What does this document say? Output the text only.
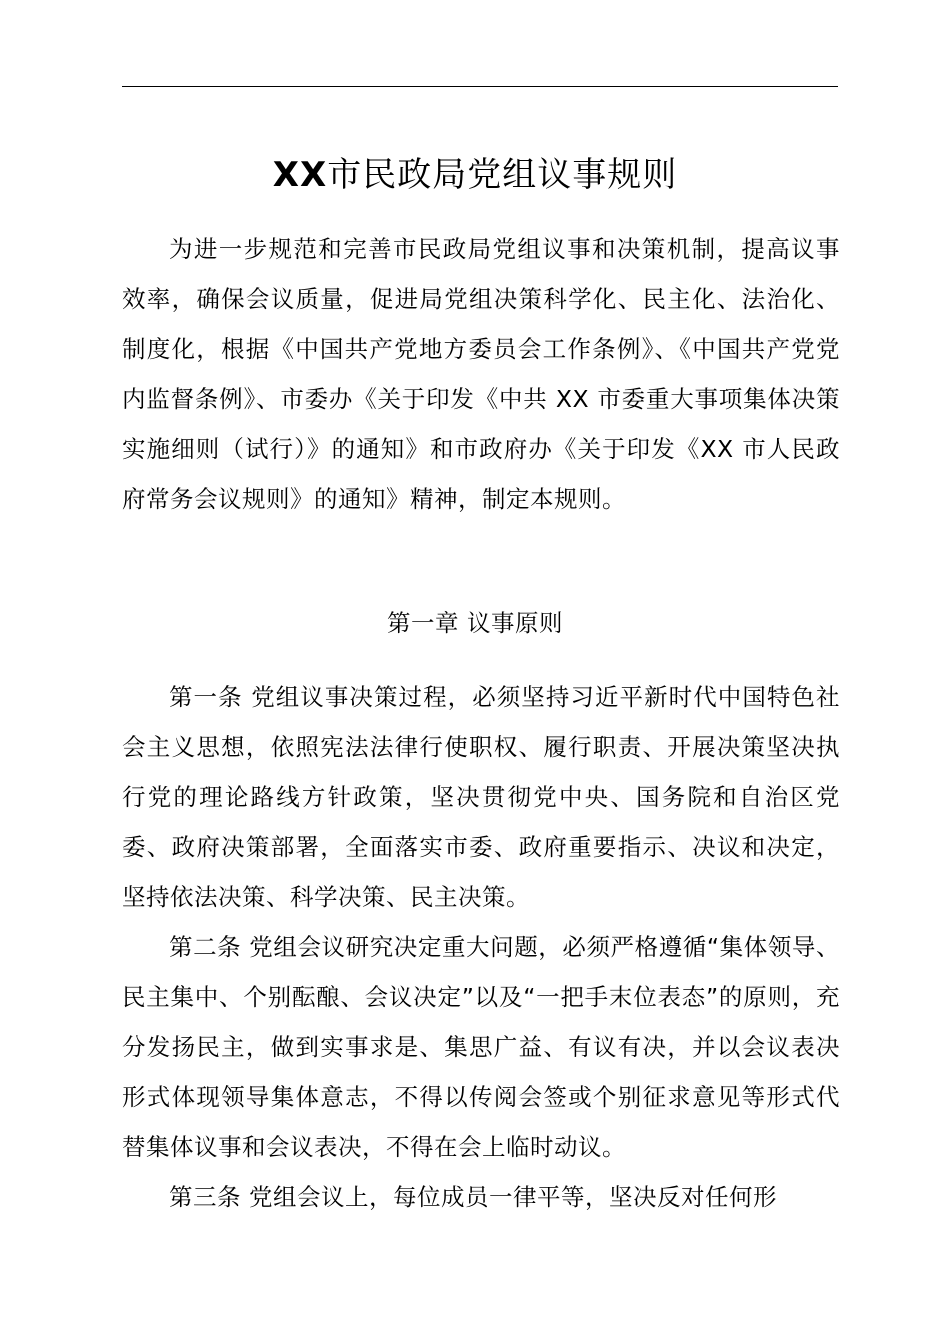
XX市民政局党组议事规则

为进一步规范和完善市民政局党组议事和决策机制，提高议事效率，确保会议质量，促进局党组决策科学化、民主化、法治化、制度化，根据《中国共产党地方委员会工作条例》、《中国共产党党内监督条例》、市委办《关于印发《中共 XX 市委重大事项集体决策实施细则（试行）》的通知》和市政府办《关于印发《XX 市人民政府常务会议规则》的通知》精神，制定本规则。

第一章 议事原则

第一条 党组议事决策过程，必须坚持习近平新时代中国特色社会主义思想，依照宪法法律行使职权、履行职责、开展决策坚决执行党的理论路线方针政策，坚决贯彻党中央、国务院和自治区党委、政府决策部署，全面落实市委、政府重要指示、决议和决定，坚持依法决策、科学决策、民主决策。

第二条 党组会议研究决定重大问题，必须严格遵循“集体领导、民主集中、个别酝酿、会议决定”以及“一把手末位表态”的原则，充分发扬民主，做到实事求是、集思广益、有议有决，并以会议表决形式体现领导集体意志，不得以传阅会签或个别征求意见等形式代替集体议事和会议表决，不得在会上临时动议。

第三条 党组会议上，每位成员一律平等，坚决反对任何形
